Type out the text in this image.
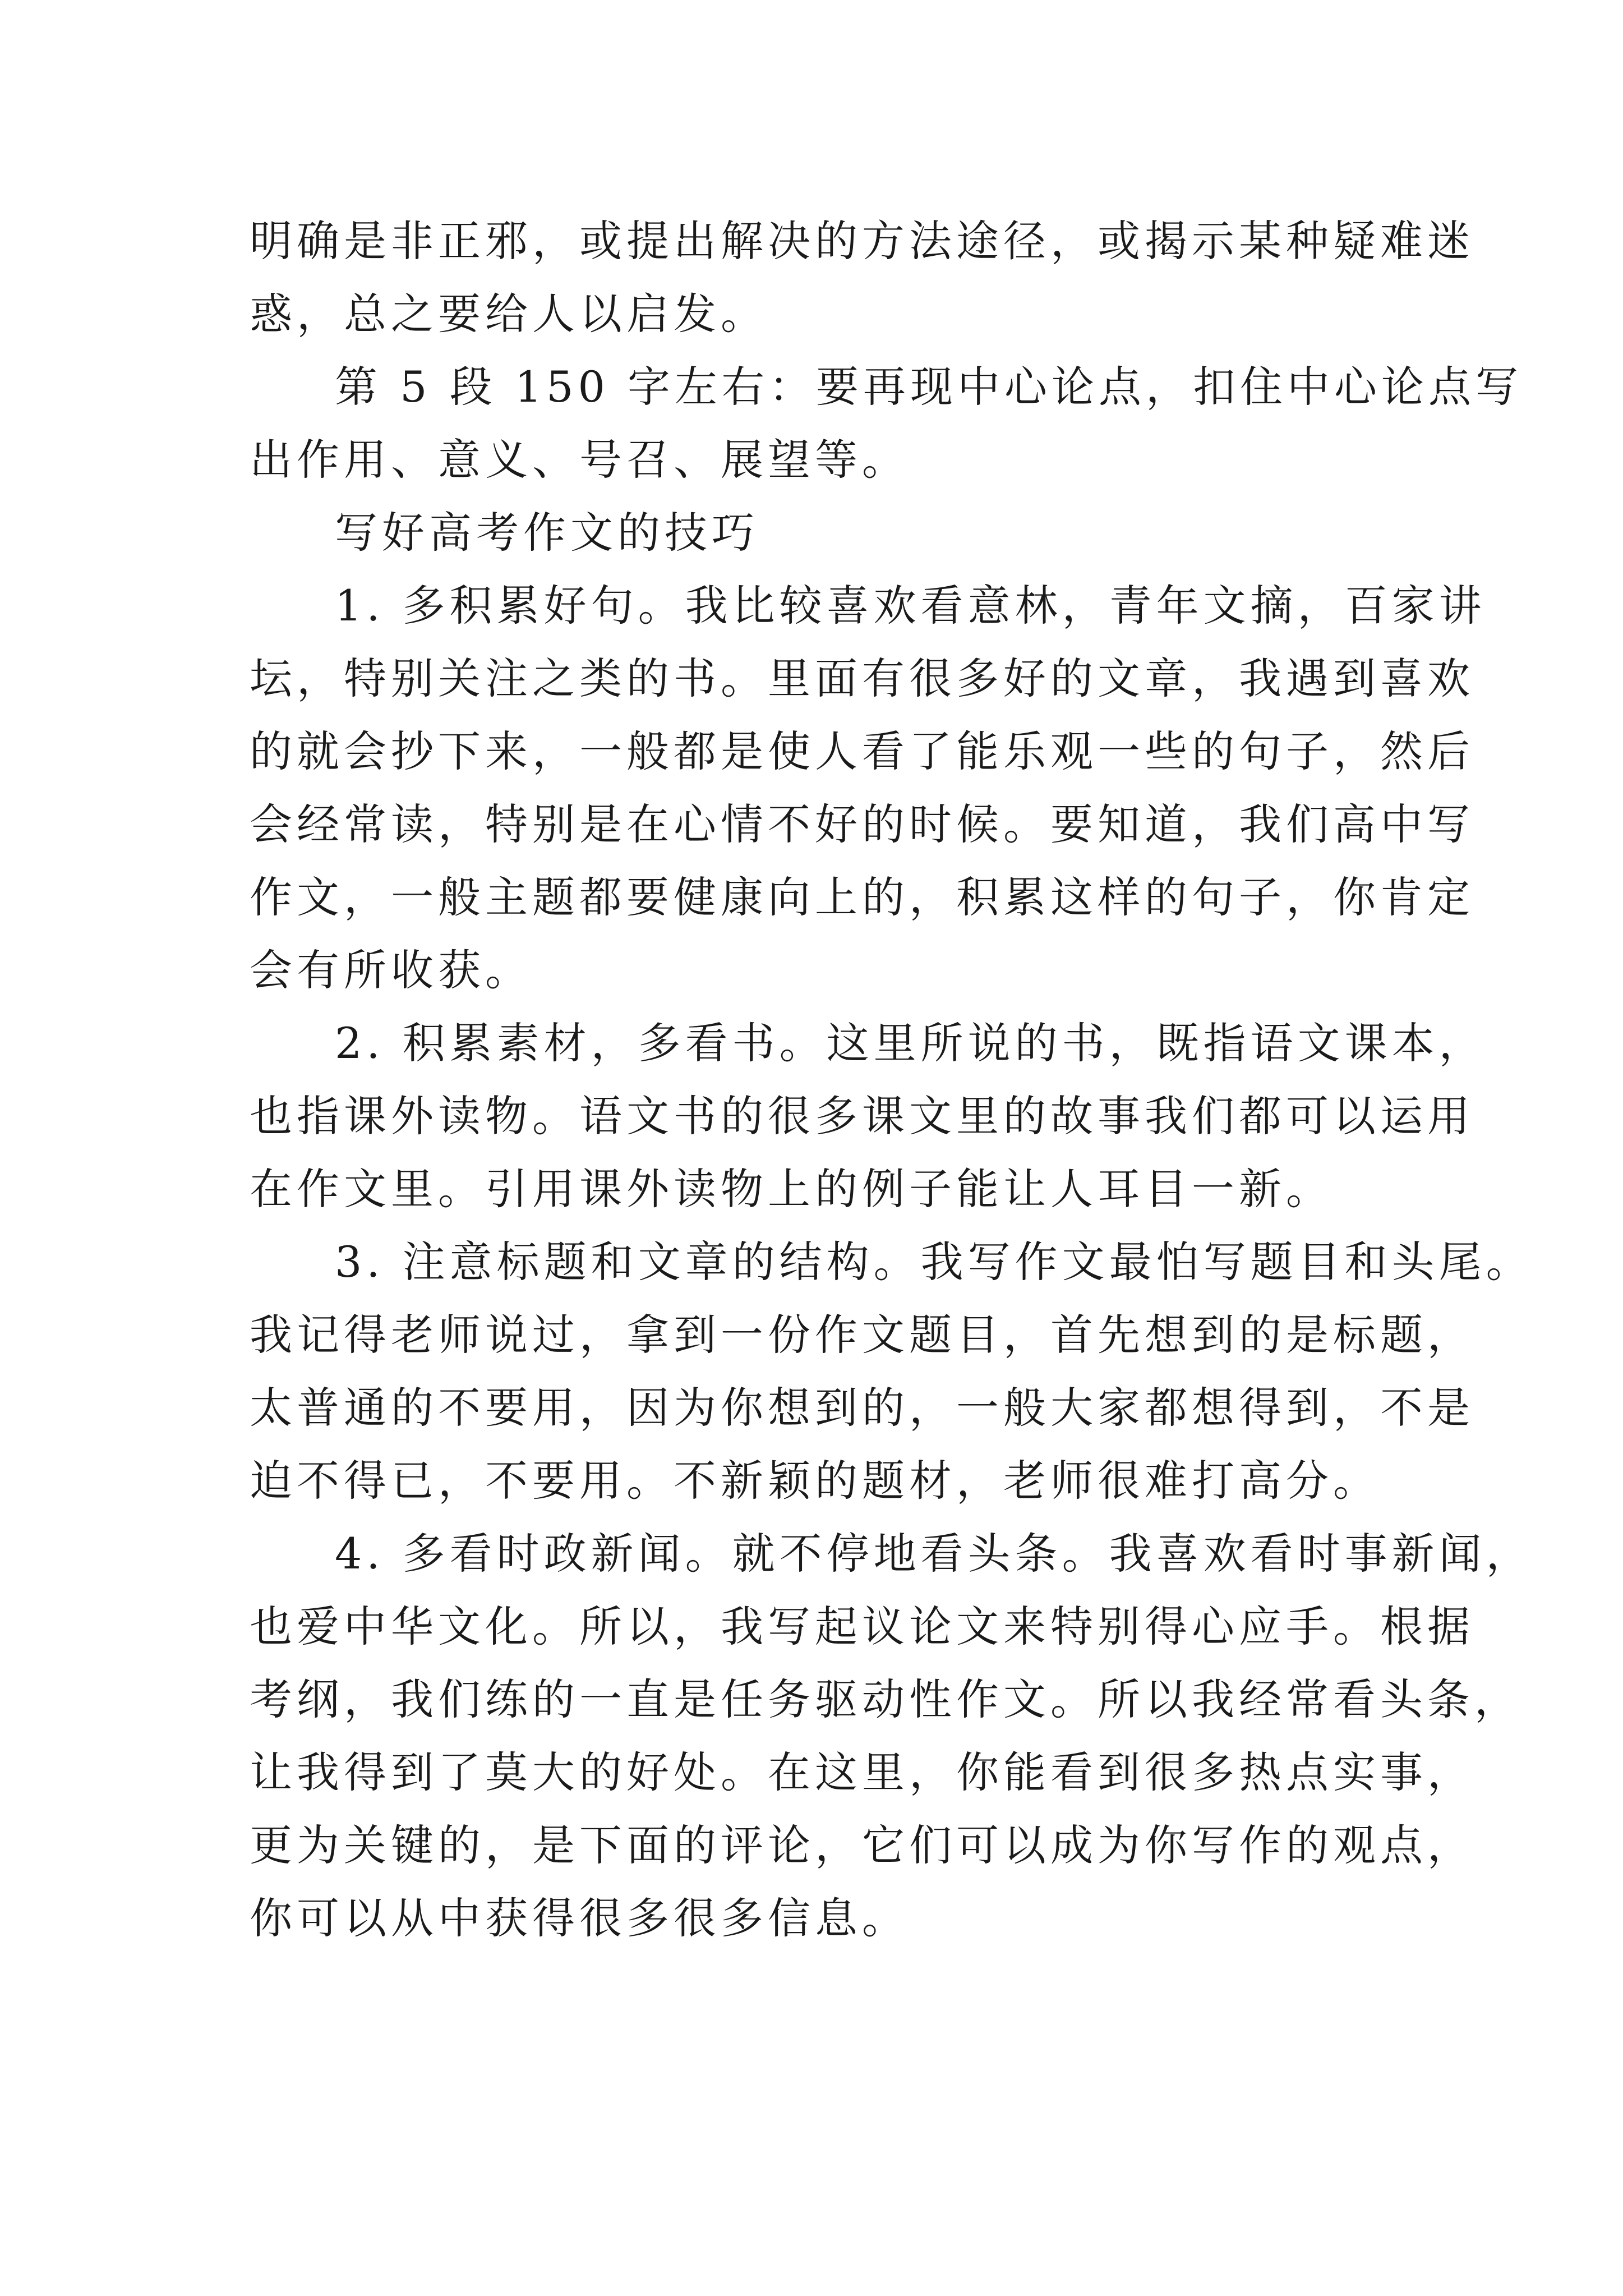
明确是非正邪，或提出解决的方法途径，或揭示某种疑难迷
惑，总之要给人以启发。
第 5 段 150 字左右：要再现中心论点，扣住中心论点写
出作用、意义、号召、展望等。
写好高考作文的技巧
1. 多积累好句。我比较喜欢看意林，青年文摘，百家讲
坛，特别关注之类的书。里面有很多好的文章，我遇到喜欢
的就会抄下来，一般都是使人看了能乐观一些的句子，然后
会经常读，特别是在心情不好的时候。要知道，我们高中写
作文，一般主题都要健康向上的，积累这样的句子，你肯定
会有所收获。
2. 积累素材，多看书。这里所说的书，既指语文课本，
也指课外读物。语文书的很多课文里的故事我们都可以运用
在作文里。引用课外读物上的例子能让人耳目一新。
3. 注意标题和文章的结构。我写作文最怕写题目和头尾。
我记得老师说过，拿到一份作文题目，首先想到的是标题，
太普通的不要用，因为你想到的，一般大家都想得到，不是
迫不得已，不要用。不新颖的题材，老师很难打高分。
4. 多看时政新闻。就不停地看头条。我喜欢看时事新闻，
也爱中华文化。所以，我写起议论文来特别得心应手。根据
考纲，我们练的一直是任务驱动性作文。所以我经常看头条，
让我得到了莫大的好处。在这里，你能看到很多热点实事，
更为关键的，是下面的评论，它们可以成为你写作的观点，
你可以从中获得很多很多信息。
